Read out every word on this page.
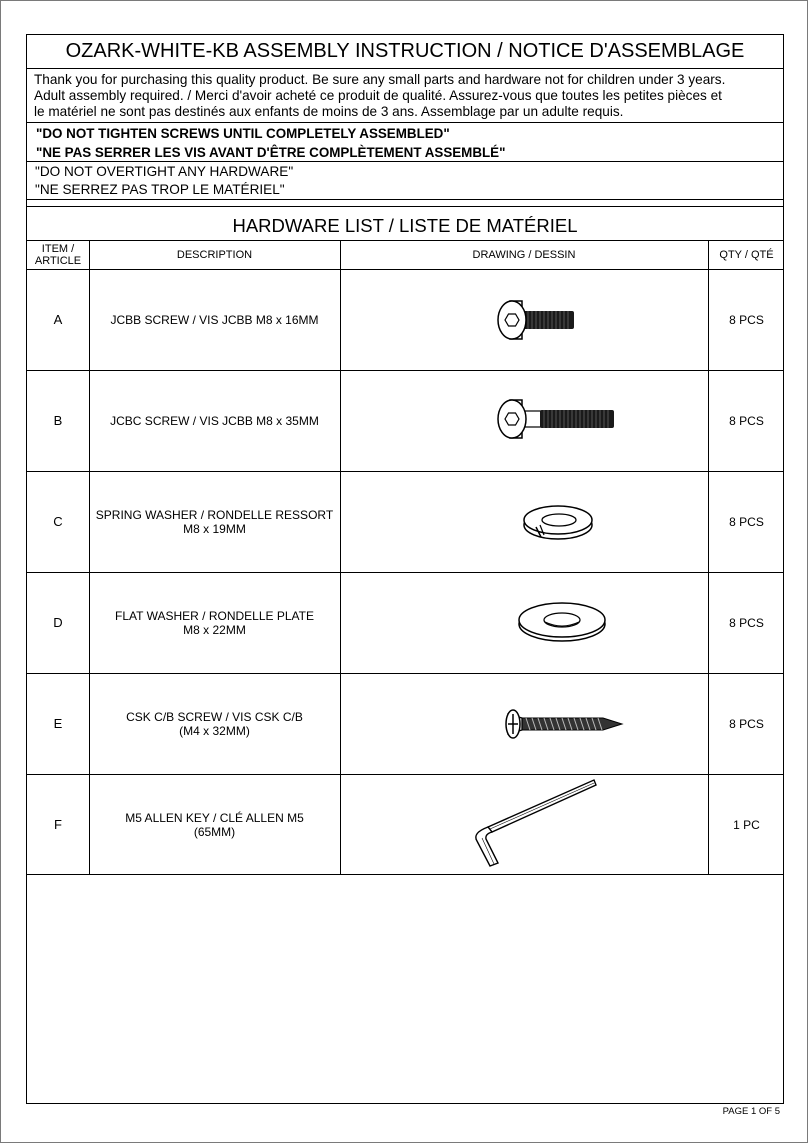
OZARK-WHITE-KB ASSEMBLY INSTRUCTION / NOTICE D'ASSEMBLAGE
Thank you for purchasing this quality product. Be sure any small parts and hardware not for children under 3 years.
Adult assembly required. / Merci d'avoir acheté ce produit de qualité. Assurez-vous que toutes les petites pièces et
le matériel ne sont pas destinés aux enfants de moins de 3 ans. Assemblage par un adulte requis.
"DO NOT TIGHTEN SCREWS UNTIL COMPLETELY ASSEMBLED"
"NE PAS SERRER LES VIS AVANT D'ÊTRE COMPLÈTEMENT ASSEMBLÉ"
"DO NOT OVERTIGHT ANY HARDWARE"
"NE SERREZ PAS TROP LE MATÉRIEL"
HARDWARE LIST / LISTE DE MATÉRIEL
ITEM /
ARTICLE	DESCRIPTION	DRAWING / DESSIN	QTY / QTÉ
A	JCBB SCREW / VIS JCBB M8 x 16MM	8 PCS
B	JCBC SCREW / VIS JCBB M8 x 35MM	8 PCS
C	SPRING WASHER / RONDELLE RESSORT
M8 x 19MM	8 PCS
D	FLAT WASHER / RONDELLE PLATE
M8 x 22MM	8 PCS
E	CSK C/B SCREW / VIS CSK C/B
(M4 x 32MM)	8 PCS
F	M5 ALLEN KEY / CLÉ ALLEN M5
(65MM)	1 PC
PAGE 1 OF 5
